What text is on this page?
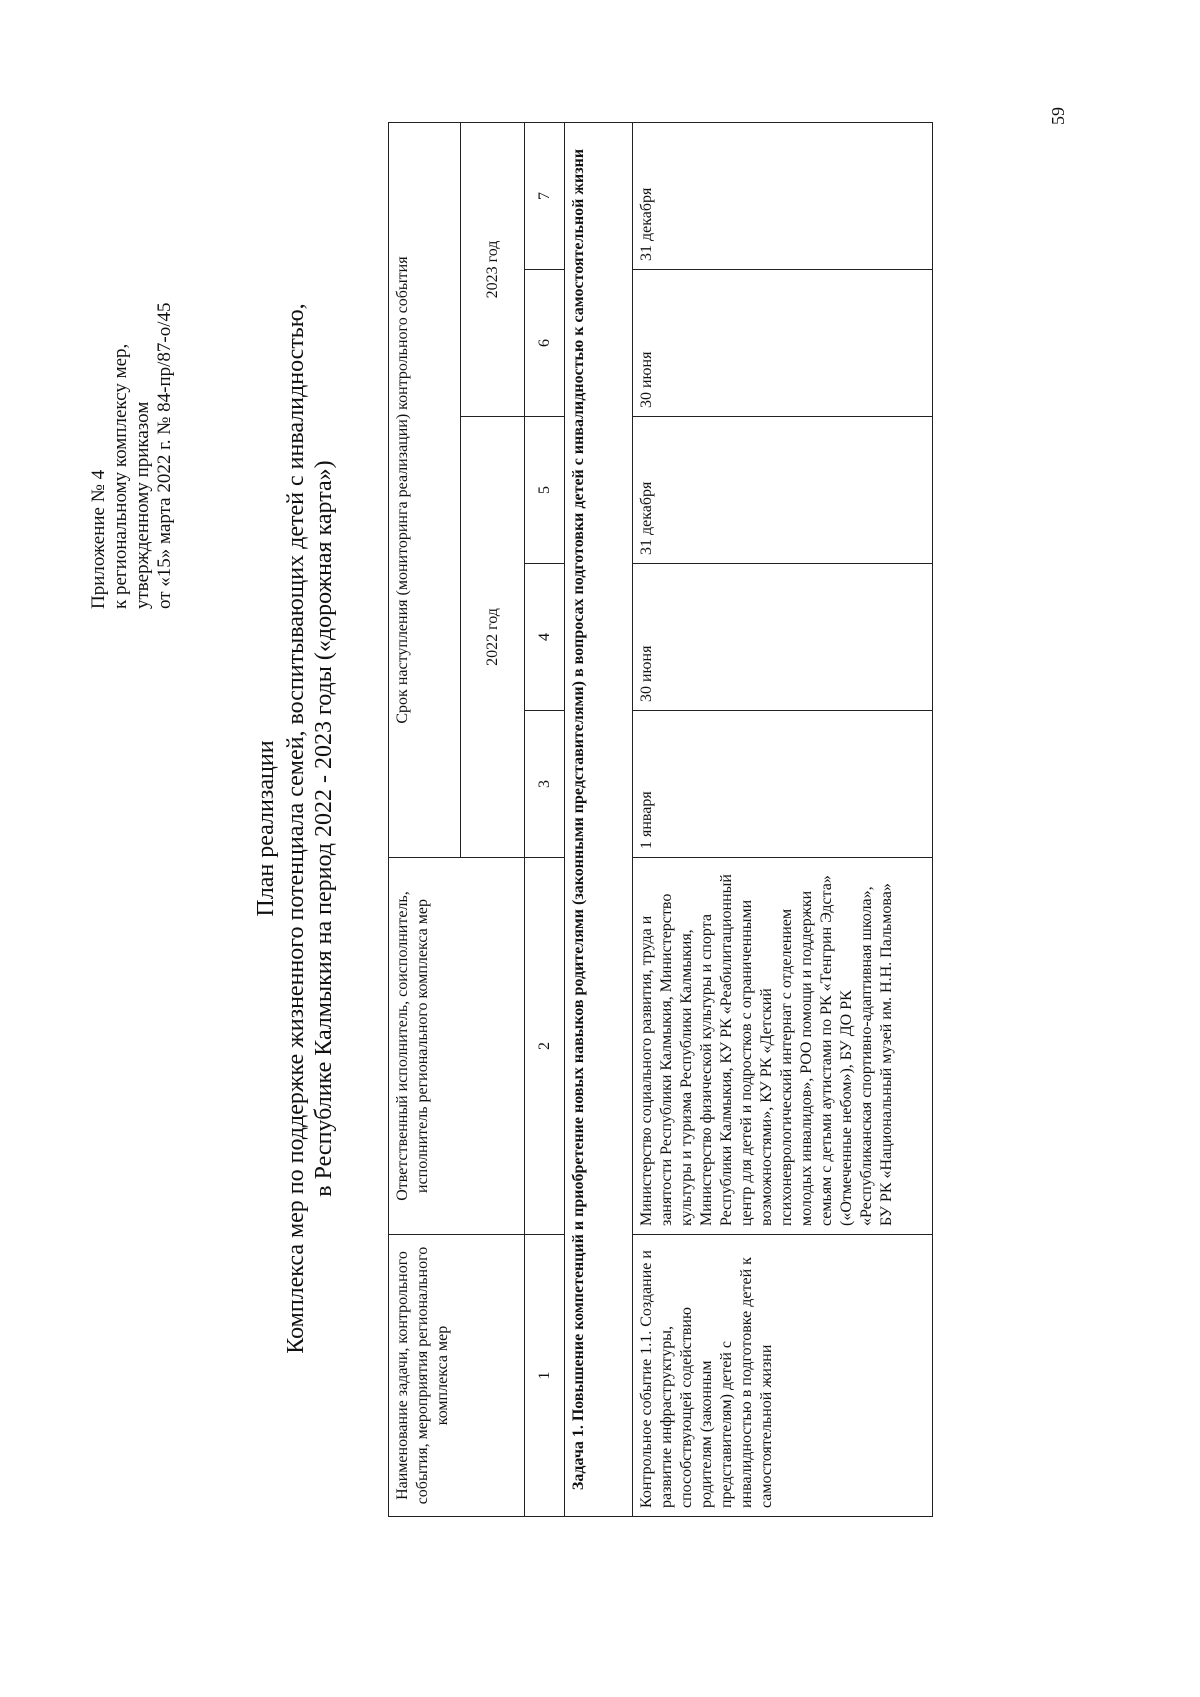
Приложение № 4 к региональному комплексу мер, утвержденному приказом от «15» марта 2022 г. № 84-пр/87-о/45
План реализации Комплекса мер по поддержке жизненного потенциала семей, воспитывающих детей с инвалидностью, в Республике Калмыкия на период 2022 - 2023 годы («дорожная карта»)
Наименование задачи, контрольного события, мероприятия регионального комплекса мер	Ответственный исполнитель, соисполнитель, исполнитель регионального комплекса мер	Срок наступления (мониторинга реализации) контрольного события				
		2022 год			2023 год	
1	2	3	4	5	6	7
Задача 1. Повышение компетенций и приобретение новых навыков родителями (законными представителями) в вопросах подготовки детей с инвалидностью к самостоятельной жизни						
Контрольное событие 1.1. Создание и развитие инфраструктуры, способствующей содействию родителям (законным представителям) детей с инвалидностью в подготовке детей к самостоятельной жизни	Министерство социального развития, труда и занятости Республики Калмыкия, Министерство культуры и туризма Республики Калмыкия, Министерство физической культуры и спорта Республики Калмыкия, КУ РК «Реабилитационный центр для детей и подростков с ограниченными возможностями», КУ РК «Детский психоневрологический интернат с отделением молодых инвалидов», РОО помощи и поддержки семьям с детьми аутистами по РК «Тенгрин Эдста» («Отмеченные небом»), БУ ДО РК «Республиканская спортивно-адаптивная школа», БУ РК «Национальный музей им. Н.Н. Пальмова»	1 января	30 июня	31 декабря	30 июня	31 декабря
59
